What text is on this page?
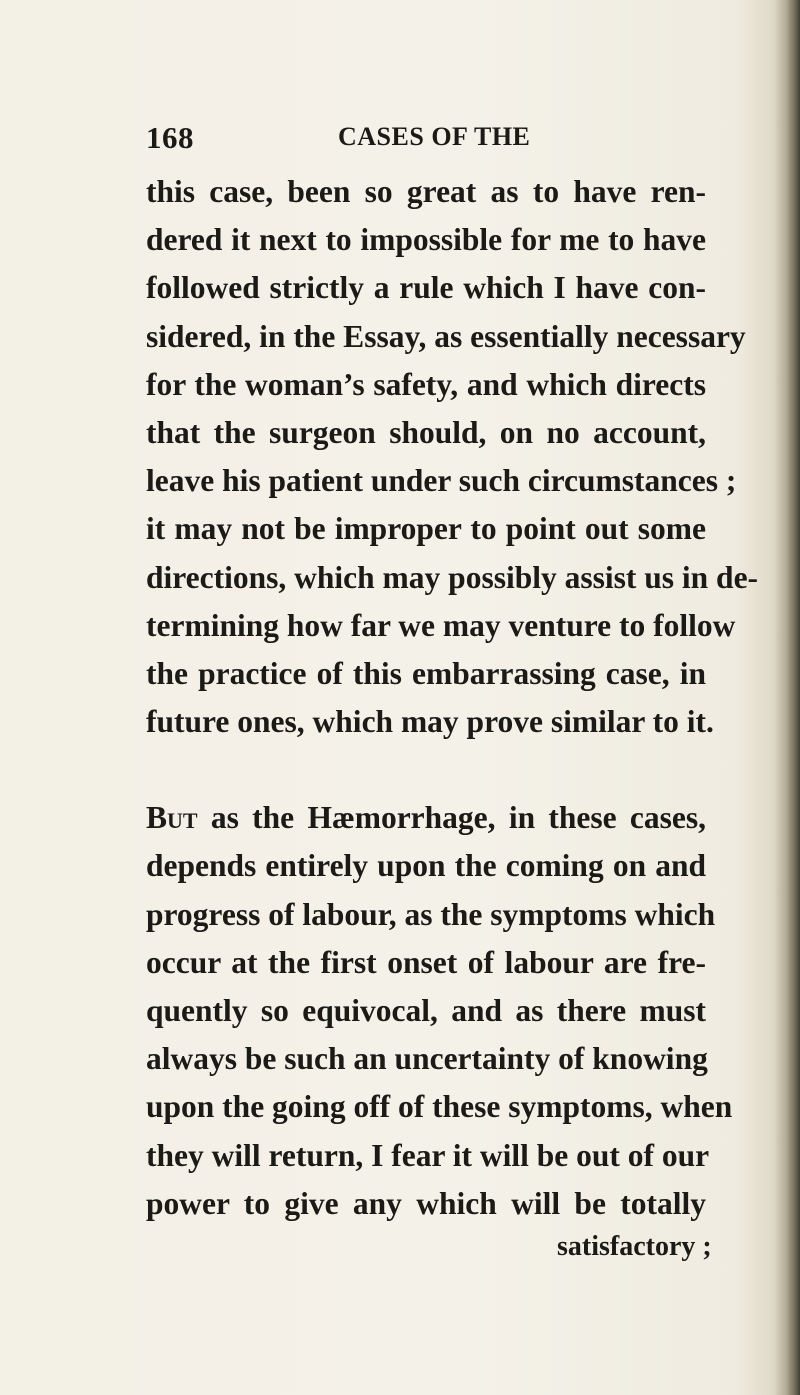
168	CASES OF THE
this case, been so great as to have ren-
dered it next to impossible for me to have
followed strictly a rule which I have con-
sidered, in the Essay, as essentially necessary
for the woman’s safety, and which directs
that the surgeon should, on no account,
leave his patient under such circumstances ;
it may not be improper to point out some
directions, which may possibly assist us in de-
termining how far we may venture to follow
the practice of this embarrassing case, in
future ones, which may prove similar to it.
But as the Hæmorrhage, in these cases,
depends entirely upon the coming on and
progress of labour, as the symptoms which
occur at the first onset of labour are fre-
quently so equivocal, and as there must
always be such an uncertainty of knowing
upon the going off of these symptoms, when
they will return, I fear it will be out of our
power to give any which will be totally
satisfactory ;
